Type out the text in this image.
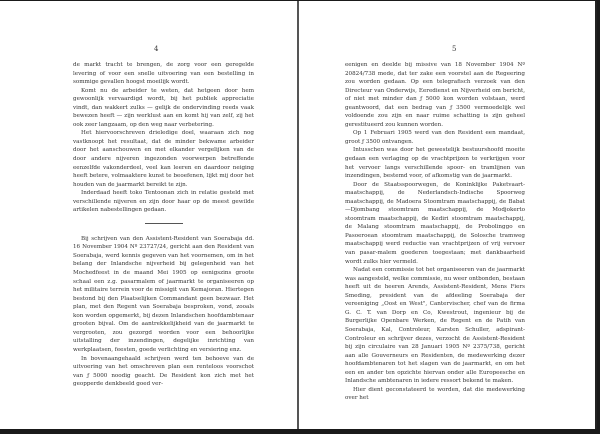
4

de markt tracht te brengen, de zorg voor een geregelde levering of voor een snelle uitvoering van een bestelling in sommige gevallen hoogst moeilijk wordt.

Komt nu de arbeider te weten, dat hetgeen door hem gewoonlijk vervaardigd wordt, bij het publiek appreciatie vindt, dan wakkert zulks — gelijk de ondervinding reeds vaak bewezen heeft — zijn werklust aan en komt hij van zelf, zij het ook zeer langzaam, op den weg naar verbetering.

Het hiervoorschreven drieledige doel, waaraan zich nog vastknoopt het resultaat, dat de minder bekwame arbeider door het aanschouwen en met elkander vergelijken van de door andere nijveren ingezonden voorwerpen betreffende eenzelfde vakonderdeel, veel kan leeren en daardoor neiging heeft betere, volmaaktere kunst te beoefenen, lijkt mij door het houden van de jaarmarkt bereikt te zijn.

Inderdaad heeft toko Tentoonan zich in relatie gesteld met verschillende nijveren en zijn door haar op de meest gewilde artikelen nabestellingen gedaan.

Bij schrijven van den Assistent-Resident van Soerabaja dd. 16 November 1904 Nº 23727/24, gericht aan den Resident van Soerabaja, werd kennis gegeven van het voornemen, om in het belang der Inlandsche nijverheid bij gelegenheid van het Mochedfeest in de maand Mei 1905 op eenigszins groote schaal een z.g. pasarmalem of jaarmarkt te organiseeren op het militaire terrein voor de missigit van Kemajoran. Hiertegen bestond bij den Plaatselijken Commandant geen bezwaar. Het plan, met den Regent van Soerabaja besproken, vond, zooals kon worden opgemerkt, bij dezen Inlandschen hoofdambtenaar grooten bijval. Om de aantrekkelijkheid van de jaarmarkt te vergrooten, zou gezorgd worden voor een behoorlijke uitstalling der inzendingen, degelijke inrichting van werkplaatsen, feesten, goede verlichting en versiering enz.

In bovenaangehaald schrijven werd ten behoeve van de uitvoering van het omschreven plan een renteloos voorschot van ƒ 5000 noodig geacht. De Resident kon zich met het geopperde denkbeeld goed ver-

5

eenigen en deelde bij missive van 18 November 1904 Nº 20824/738 mede, dat ter zake een voorstel aan de Regeering zou worden gedaan. Op een telegrafisch verzoek van den Directeur van Onderwijs, Eeredienst en Nijverheid om bericht, of niet met minder dan ƒ 5000 kon worden volstaan, werd geantwoord, dat een bedrag van ƒ 3500 vermoedelijk wel voldoende zou zijn en naar ruime schatting is zijn geheel gerestitueerd zou kunnen worden.

Op 1 Februari 1905 werd van den Resident een mandaat, groot ƒ 3500 ontvangen.

Intusschen was door het gewestelijk bestuurshoofd moeite gedaan een verlaging op de vrachtprijzen te verkrijgen voor het vervoer langs verschillende spoor- en tramlijnen van inzendingen, bestemd voor, of afkomstig van de jaarmarkt.

Door de Staatsspoorwegen, de Koninklijke Paketvaart-maatschappij, de Nederlandsch-Indische Spoorweg maatschappij, de Madoera Stoomtram maatschappij, de Babat—Djombang stoomtram maatschappij, de Modjokerto stoomtram maatschappij, de Kediri stoomtram maatschappij, de Malang stoomtram maatschappij, de Probolinggo en Pasoeroean stoomtram maatschappij, de Solosche tramweg maatschappij werd reductie van vrachtprijzen of vrij vervoer van pasar-malem goederen toegestaan; met dankbaarheid wordt zulks hier vermeld.

Nadat een commissie tot het organiseeren van de jaarmarkt was aangesteld, welke commissie, nu weer ontbonden, bestaan heeft uit de heeren Arends, Assistent-Resident, Mens Fiers Smeding, president van de afdeeling Soerabaja der vereeniging „Oost en West", Cantervischer, chef van de firma G. C. T. van Dorp en Co, Kwestrout, ingenieur bij de Burgerlijke Openbare Werken, de Regent en de Patih van Soerabaja, Kal, Controleur, Karsten Schuller, adspirant-Controleur en schrijver dezes, verzocht de Assistent-Resident bij zijn circulaire van 28 Januari 1905 Nº 2375/738, gericht aan alle Gouverneurs en Residenten, de medewerking dezer hoofdambtenaren tot het slagen van de jaarmarkt, en om het een en ander ten opzichte hiervan onder alle Europeesche en Inlandsche ambtenaren in iedere ressort bekend te maken.

Hier dient geconstateerd te worden, dat die medewerking over het
